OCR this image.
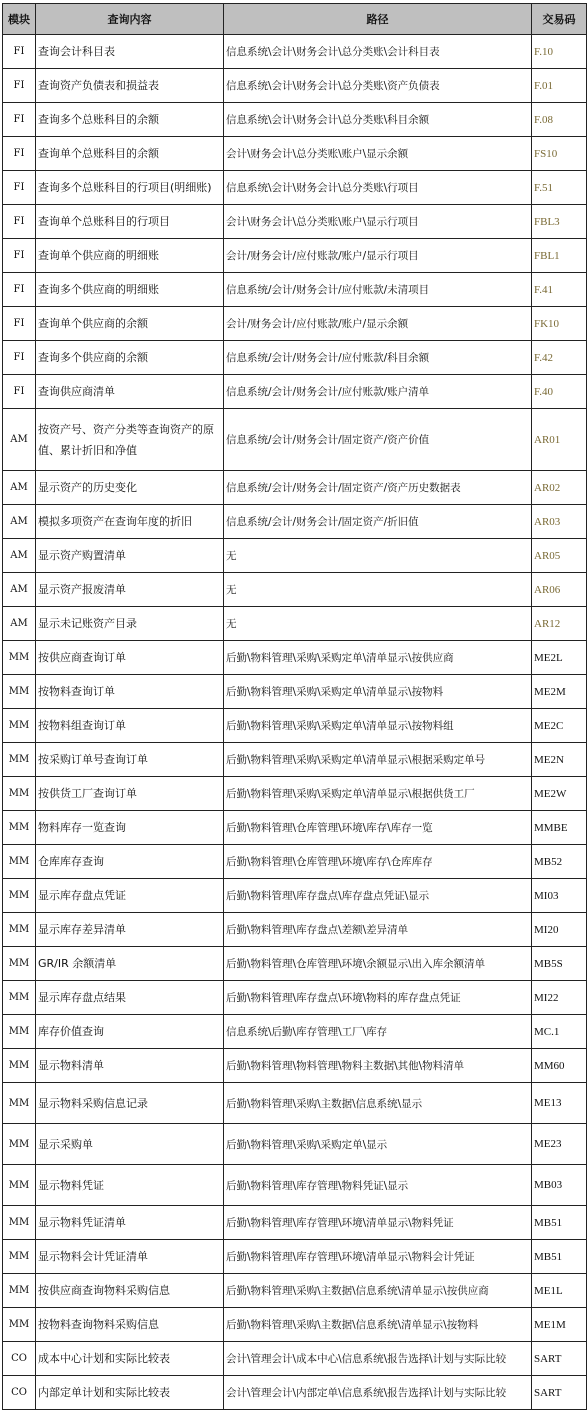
模块	查询内容	路径	交易码
FI	查询会计科目表	信息系统\会计\财务会计\总分类账\会计科目表	F.10
FI	查询资产负债表和损益表	信息系统\会计\财务会计\总分类账\资产负债表	F.01
FI	查询多个总账科目的余额	信息系统\会计\财务会计\总分类账\科目余额	F.08
FI	查询单个总账科目的余额	会计\财务会计\总分类账\账户\显示余额	FS10
FI	查询多个总账科目的行项目(明细账)	信息系统\会计\财务会计\总分类账\行项目	F.51
FI	查询单个总账科目的行项目	会计\财务会计\总分类账\账户\显示行项目	FBL3
FI	查询单个供应商的明细账	会计/财务会计/应付账款/账户/显示行项目	FBL1
FI	查询多个供应商的明细账	信息系统/会计/财务会计/应付账款/未清项目	F.41
FI	查询单个供应商的余额	会计/财务会计/应付账款/账户/显示余额	FK10
FI	查询多个供应商的余额	信息系统/会计/财务会计/应付账款/科目余额	F.42
FI	查询供应商清单	信息系统/会计/财务会计/应付账款/账户清单	F.40
AM	按资产号、资产分类等查询资产的原值、累计折旧和净值	信息系统/会计/财务会计/固定资产/资产价值	AR01
AM	显示资产的历史变化	信息系统/会计/财务会计/固定资产/资产历史数据表	AR02
AM	模拟多项资产在查询年度的折旧	信息系统/会计/财务会计/固定资产/折旧值	AR03
AM	显示资产购置清单	无	AR05
AM	显示资产报废清单	无	AR06
AM	显示未记账资产目录	无	AR12
MM	按供应商查询订单	后勤\物料管理\采购\采购定单\清单显示\按供应商	ME2L
MM	按物料查询订单	后勤\物料管理\采购\采购定单\清单显示\按物料	ME2M
MM	按物料组查询订单	后勤\物料管理\采购\采购定单\清单显示\按物料组	ME2C
MM	按采购订单号查询订单	后勤\物料管理\采购\采购定单\清单显示\根据采购定单号	ME2N
MM	按供货工厂查询订单	后勤\物料管理\采购\采购定单\清单显示\根据供货工厂	ME2W
MM	物料库存一览查询	后勤\物料管理\仓库管理\环境\库存\库存一览	MMBE
MM	仓库库存查询	后勤\物料管理\仓库管理\环境\库存\仓库库存	MB52
MM	显示库存盘点凭证	后勤\物料管理\库存盘点\库存盘点凭证\显示	MI03
MM	显示库存差异清单	后勤\物料管理\库存盘点\差额\差异清单	MI20
MM	GR/IR 余额清单	后勤\物料管理\仓库管理\环境\余额显示\出入库余额清单	MB5S
MM	显示库存盘点结果	后勤\物料管理\库存盘点\环境\物料的库存盘点凭证	MI22
MM	库存价值查询	信息系统\后勤\库存管理\工厂\库存	MC.1
MM	显示物料清单	后勤\物料管理\物料管理\物料主数据\其他\物料清单	MM60
MM	显示物料采购信息记录	后勤\物料管理\采购\主数据\信息系统\显示	ME13
MM	显示采购单	后勤\物料管理\采购\采购定单\显示	ME23
MM	显示物料凭证	后勤\物料管理\库存管理\物料凭证\显示	MB03
MM	显示物料凭证清单	后勤\物料管理\库存管理\环境\清单显示\物料凭证	MB51
MM	显示物料会计凭证清单	后勤\物料管理\库存管理\环境\清单显示\物料会计凭证	MB51
MM	按供应商查询物料采购信息	后勤\物料管理\采购\主数据\信息系统\清单显示\按供应商	ME1L
MM	按物料查询物料采购信息	后勤\物料管理\采购\主数据\信息系统\清单显示\按物料	ME1M
CO	成本中心计划和实际比较表	会计\管理会计\成本中心\信息系统\报告选择\计划与实际比较	SART
CO	内部定单计划和实际比较表	会计\管理会计\内部定单\信息系统\报告选择\计划与实际比较	SART
